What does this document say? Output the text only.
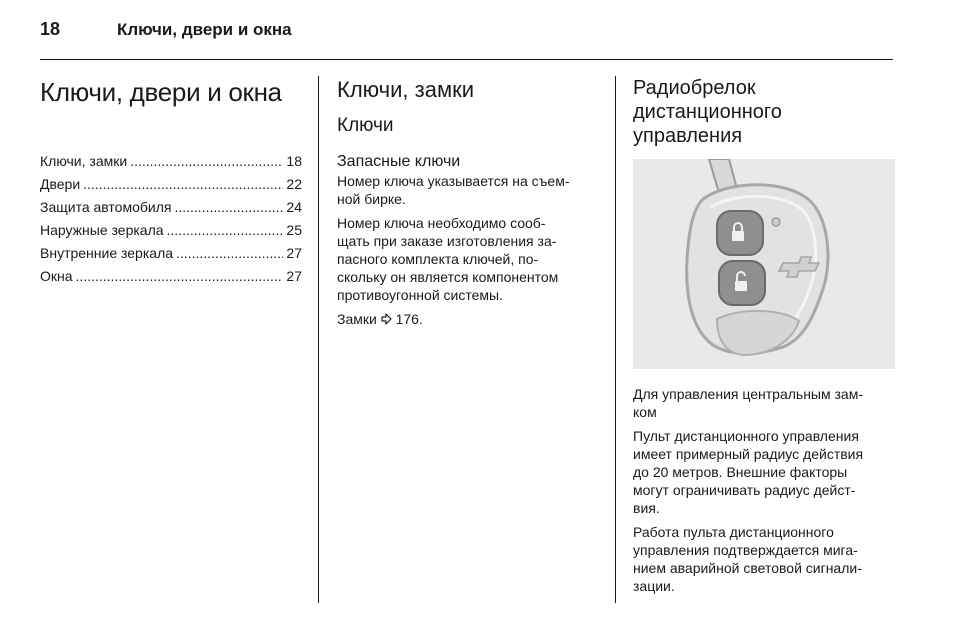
18	Ключи, двери и окна
Ключи, двери и окна
Ключи, замки .....	18
Двери .....	22
Защита автомобиля .....	24
Наружные зеркала .....	25
Внутренние зеркала .....	27
Окна .....	27
Ключи, замки
Ключи
Запасные ключи

Номер ключа указывается на съем-
ной бирке.

Номер ключа необходимо сооб-
щать при заказе изготовления за-
пасного комплекта ключей, по-
скольку он является компонентом
противоугонной системы.

Замки 176.

Радиобрелок
дистанционного
управления

Для управления центральным зам-
ком

Пульт дистанционного управления
имеет примерный радиус действия
до 20 метров. Внешние факторы
могут ограничивать радиус дейст-
вия.

Работа пульта дистанционного
управления подтверждается мига-
нием аварийной световой сигнали-
зации.
